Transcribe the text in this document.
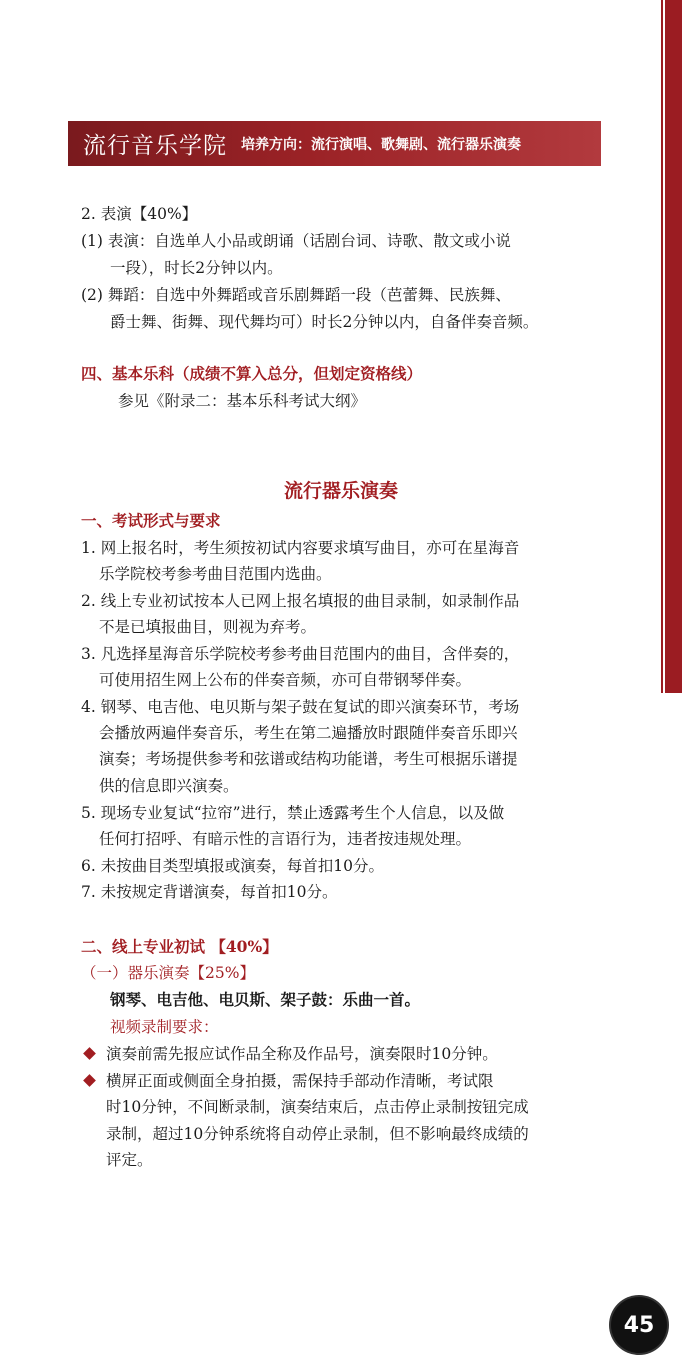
流行音乐学院 培养方向：流行演唱、歌舞剧、流行器乐演奏
2. 表演【40%】
(1) 表演：自选单人小品或朗诵（话剧台词、诗歌、散文或小说
一段），时长2分钟以内。
(2) 舞蹈：自选中外舞蹈或音乐剧舞蹈一段（芭蕾舞、民族舞、
爵士舞、街舞、现代舞均可）时长2分钟以内，自备伴奏音频。
四、基本乐科（成绩不算入总分，但划定资格线）
参见《附录二：基本乐科考试大纲》
流行器乐演奏
一、考试形式与要求
1. 网上报名时，考生须按初试内容要求填写曲目，亦可在星海音
乐学院校考参考曲目范围内选曲。
2. 线上专业初试按本人已网上报名填报的曲目录制，如录制作品
不是已填报曲目，则视为弃考。
3. 凡选择星海音乐学院校考参考曲目范围内的曲目，含伴奏的，
可使用招生网上公布的伴奏音频，亦可自带钢琴伴奏。
4. 钢琴、电吉他、电贝斯与架子鼓在复试的即兴演奏环节，考场
会播放两遍伴奏音乐，考生在第二遍播放时跟随伴奏音乐即兴
演奏；考场提供参考和弦谱或结构功能谱，考生可根据乐谱提
供的信息即兴演奏。
5. 现场专业复试“拉帘”进行，禁止透露考生个人信息，以及做
任何打招呼、有暗示性的言语行为，违者按违规处理。
6. 未按曲目类型填报或演奏，每首扣10分。
7. 未按规定背谱演奏，每首扣10分。
二、线上专业初试 【40%】
（一）器乐演奏【25%】
钢琴、电吉他、电贝斯、架子鼓：乐曲一首。
视频录制要求：
演奏前需先报应试作品全称及作品号，演奏限时10分钟。
横屏正面或侧面全身拍摄，需保持手部动作清晰，考试限
时10分钟，不间断录制，演奏结束后，点击停止录制按钮完成
录制，超过10分钟系统将自动停止录制，但不影响最终成绩的
评定。
45
